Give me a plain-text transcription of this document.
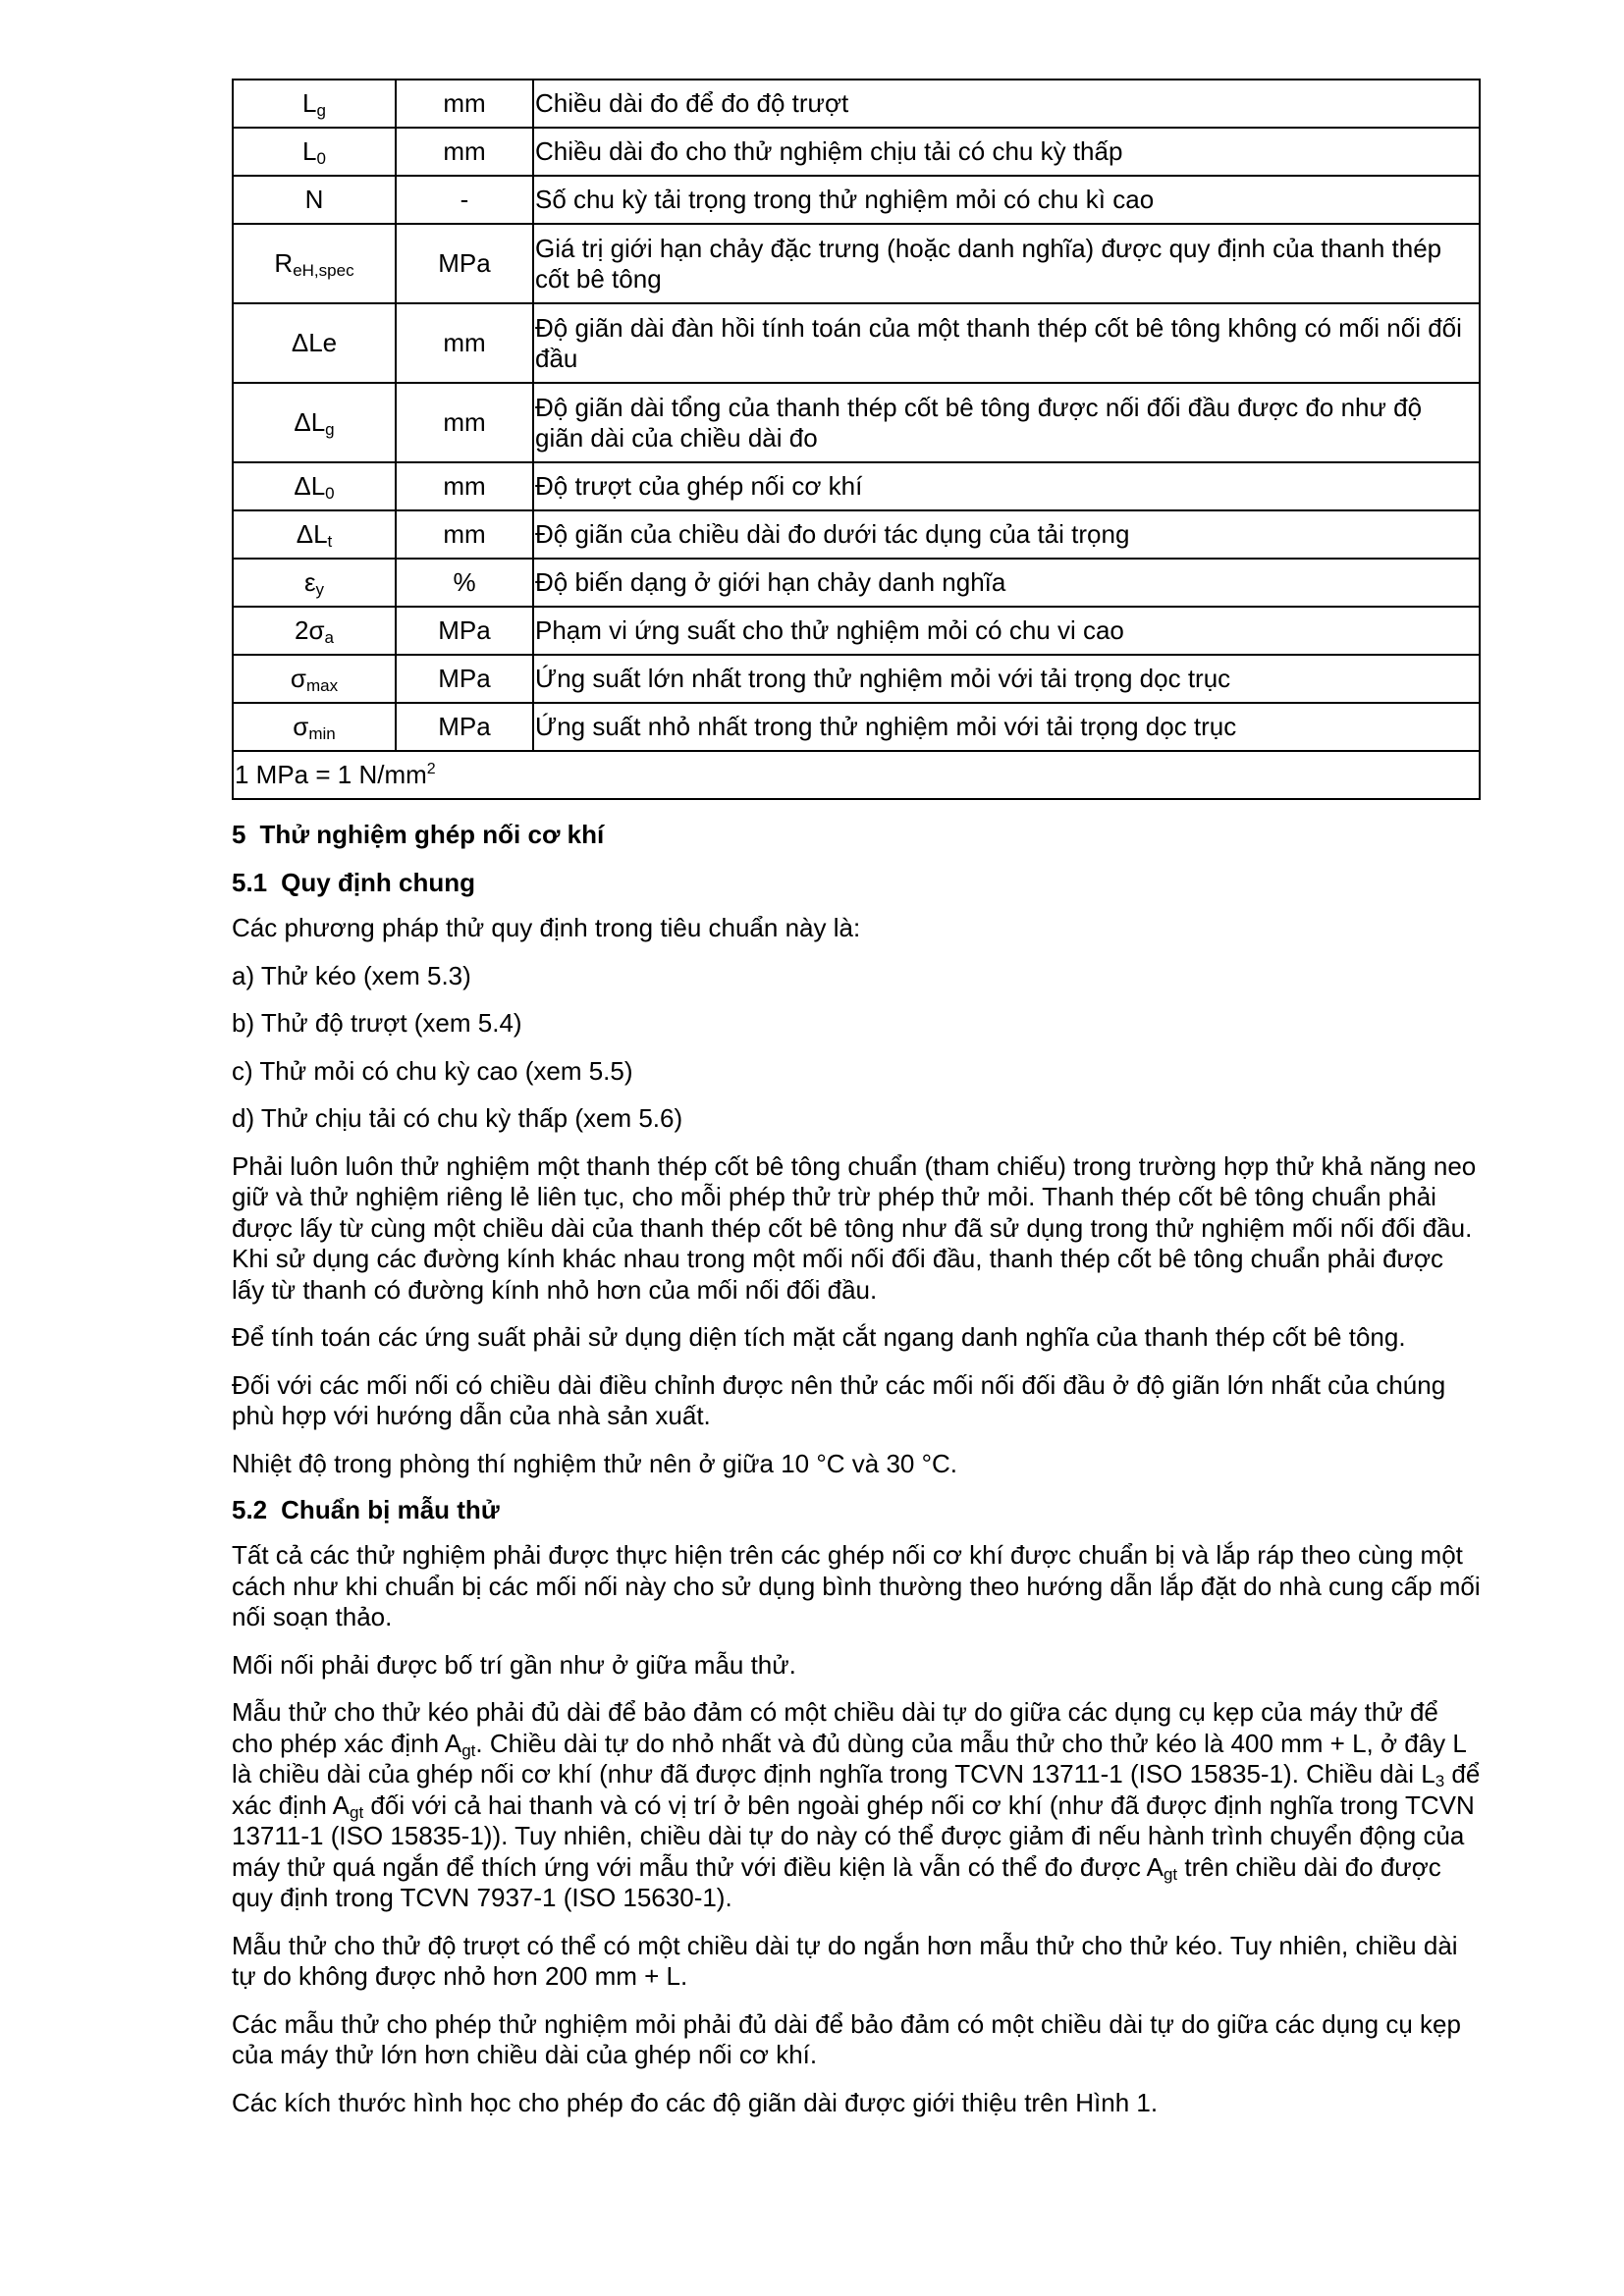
$L_g$	mm	Chiều dài đo để đo độ trượt
$L_0$	mm	Chiều dài đo cho thử nghiệm chịu tải có chu kỳ thấp
N	-	Số chu kỳ tải trọng trong thử nghiệm mỏi có chu kì cao
$R_{eH,spec}$	MPa	Giá trị giới hạn chảy đặc trưng (hoặc danh nghĩa) được quy định của thanh thép cốt bê tông
ΔLe	mm	Độ giãn dài đàn hồi tính toán của một thanh thép cốt bê tông không có mối nối đối đầu
$\Delta L_g$	mm	Độ giãn dài tổng của thanh thép cốt bê tông được nối đối đầu được đo như độ giãn dài của chiều dài đo
$\Delta L_0$	mm	Độ trượt của ghép nối cơ khí
$\Delta L_t$	mm	Độ giãn của chiều dài đo dưới tác dụng của tải trọng
$\varepsilon_y$	%	Độ biến dạng ở giới hạn chảy danh nghĩa
$2\sigma_a$	MPa	Phạm vi ứng suất cho thử nghiệm mỏi có chu vi cao
$\sigma_{max}$	MPa	Ứng suất lớn nhất trong thử nghiệm mỏi với tải trọng dọc trục
$\sigma_{min}$	MPa	Ứng suất nhỏ nhất trong thử nghiệm mỏi với tải trọng dọc trục
1 MPa = 1 $N/mm^2$
5 Thử nghiệm ghép nối cơ khí
5.1 Quy định chung

Các phương pháp thử quy định trong tiêu chuẩn này là:

a) Thử kéo (xem 5.3)

b) Thử độ trượt (xem 5.4)

c) Thử mỏi có chu kỳ cao (xem 5.5)

d) Thử chịu tải có chu kỳ thấp (xem 5.6)

Phải luôn luôn thử nghiệm một thanh thép cốt bê tông chuẩn (tham chiếu) trong trường hợp thử khả năng neo giữ và thử nghiệm riêng lẻ liên tục, cho mỗi phép thử trừ phép thử mỏi. Thanh thép cốt bê tông chuẩn phải được lấy từ cùng một chiều dài của thanh thép cốt bê tông như đã sử dụng trong thử nghiệm mối nối đối đầu. Khi sử dụng các đường kính khác nhau trong một mối nối đối đầu, thanh thép cốt bê tông chuẩn phải được lấy từ thanh có đường kính nhỏ hơn của mối nối đối đầu.

Để tính toán các ứng suất phải sử dụng diện tích mặt cắt ngang danh nghĩa của thanh thép cốt bê tông.

Đối với các mối nối có chiều dài điều chỉnh được nên thử các mối nối đối đầu ở độ giãn lớn nhất của chúng phù hợp với hướng dẫn của nhà sản xuất.

Nhiệt độ trong phòng thí nghiệm thử nên ở giữa 10 °C và 30 °C.

5.2 Chuẩn bị mẫu thử

Tất cả các thử nghiệm phải được thực hiện trên các ghép nối cơ khí được chuẩn bị và lắp ráp theo cùng một cách như khi chuẩn bị các mối nối này cho sử dụng bình thường theo hướng dẫn lắp đặt do nhà cung cấp mối nối soạn thảo.

Mối nối phải được bố trí gần như ở giữa mẫu thử.

Mẫu thử cho thử kéo phải đủ dài để bảo đảm có một chiều dài tự do giữa các dụng cụ kẹp của máy thử để cho phép xác định $A_{gt}$. Chiều dài tự do nhỏ nhất và đủ dùng của mẫu thử cho thử kéo là 400 mm + L, ở đây L là chiều dài của ghép nối cơ khí (như đã được định nghĩa trong TCVN 13711-1 (ISO 15835-1). Chiều dài $L_3$ để xác định $A_{gt}$ đối với cả hai thanh và có vị trí ở bên ngoài ghép nối cơ khí (như đã được định nghĩa trong TCVN 13711-1 (ISO 15835-1)). Tuy nhiên, chiều dài tự do này có thể được giảm đi nếu hành trình chuyển động của máy thử quá ngắn để thích ứng với mẫu thử với điều kiện là vẫn có thể đo được $A_{gt}$ trên chiều dài đo được quy định trong TCVN 7937-1 (ISO 15630-1).

Mẫu thử cho thử độ trượt có thể có một chiều dài tự do ngắn hơn mẫu thử cho thử kéo. Tuy nhiên, chiều dài tự do không được nhỏ hơn 200 mm + L.

Các mẫu thử cho phép thử nghiệm mỏi phải đủ dài để bảo đảm có một chiều dài tự do giữa các dụng cụ kẹp của máy thử lớn hơn chiều dài của ghép nối cơ khí.

Các kích thước hình học cho phép đo các độ giãn dài được giới thiệu trên Hình 1.
